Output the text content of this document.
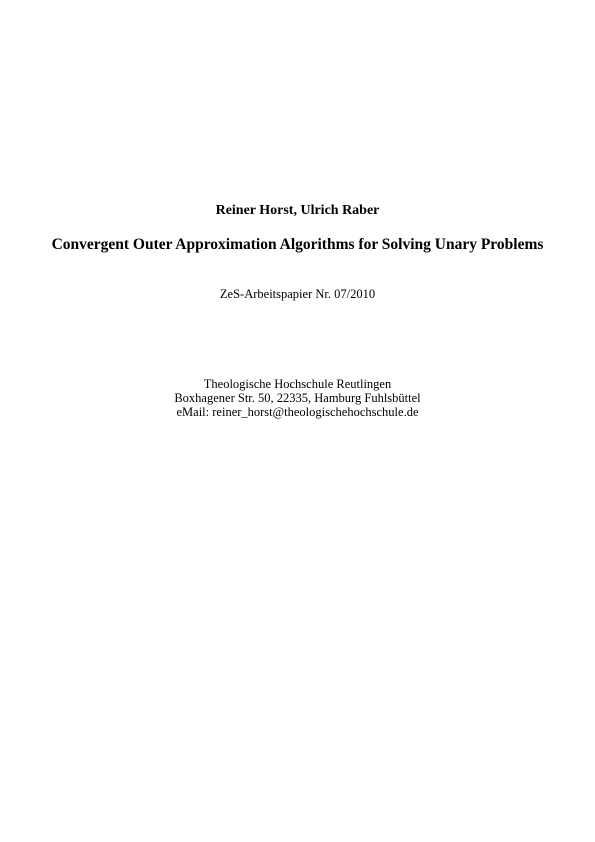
Reiner Horst, Ulrich Raber
Convergent Outer Approximation Algorithms for Solving Unary Problems
ZeS-Arbeitspapier Nr. 07/2010
Theologische Hochschule Reutlingen
Boxhagener Str. 50, 22335, Hamburg Fuhlsbüttel
eMail: reiner_horst@theologischehochschule.de
